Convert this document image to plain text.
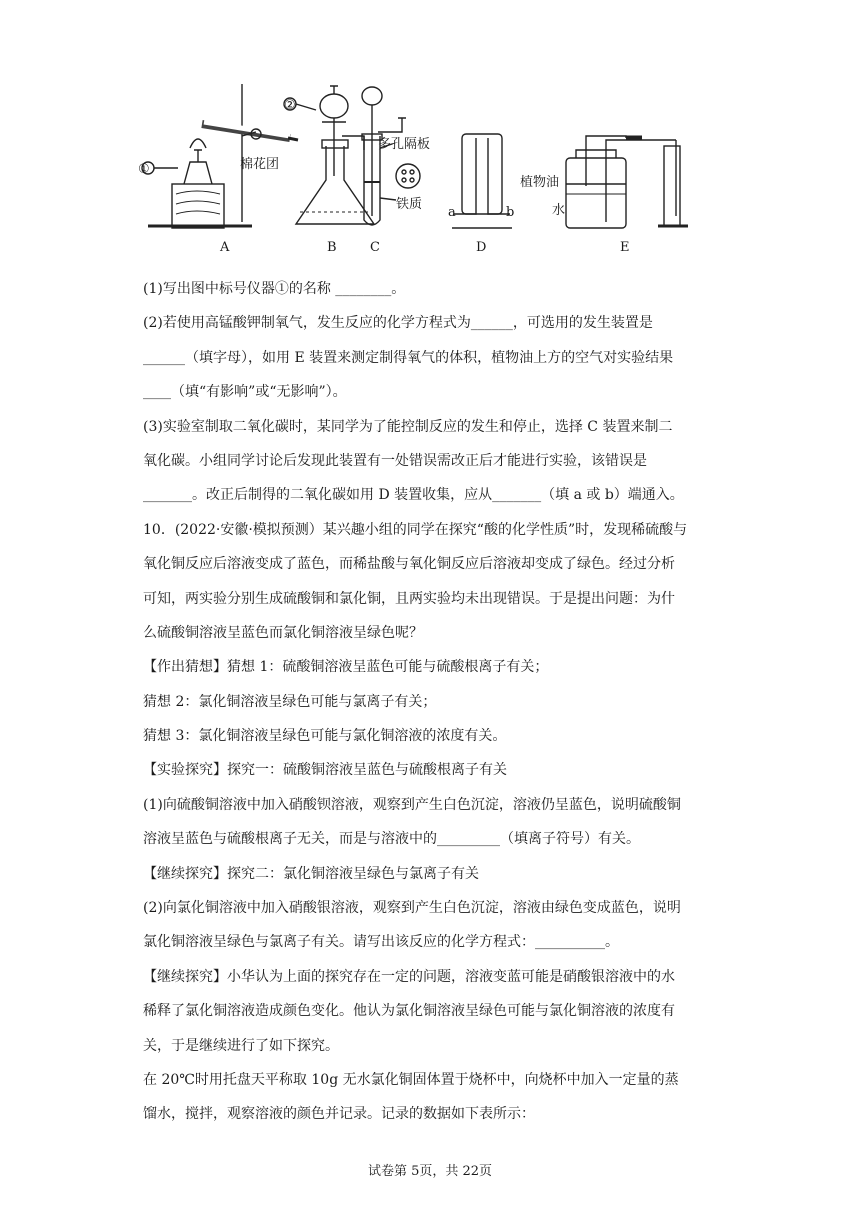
①
②
棉花团
多孔隔板
铁质
植物油
水
a	b
A	B	C	D	E
(1)写出图中标号仪器①的名称 ________。
(2)若使用高锰酸钾制氧气，发生反应的化学方程式为______，可选用的发生装置是
______（填字母），如用 E 装置来测定制得氧气的体积，植物油上方的空气对实验结果
____（填“有影响”或“无影响”）。
(3)实验室制取二氧化碳时，某同学为了能控制反应的发生和停止，选择 C 装置来制二
氧化碳。小组同学讨论后发现此装置有一处错误需改正后才能进行实验，该错误是
_______。改正后制得的二氧化碳如用 D 装置收集，应从_______（填 a 或 b）端通入。
10．(2022·安徽·模拟预测）某兴趣小组的同学在探究“酸的化学性质”时，发现稀硫酸与
氧化铜反应后溶液变成了蓝色，而稀盐酸与氧化铜反应后溶液却变成了绿色。经过分析
可知，两实验分别生成硫酸铜和氯化铜，且两实验均未出现错误。于是提出问题：为什
么硫酸铜溶液呈蓝色而氯化铜溶液呈绿色呢？
【作出猜想】猜想 1：硫酸铜溶液呈蓝色可能与硫酸根离子有关；
猜想 2：氯化铜溶液呈绿色可能与氯离子有关；
猜想 3：氯化铜溶液呈绿色可能与氯化铜溶液的浓度有关。
【实验探究】探究一：硫酸铜溶液呈蓝色与硫酸根离子有关
(1)向硫酸铜溶液中加入硝酸钡溶液，观察到产生白色沉淀，溶液仍呈蓝色，说明硫酸铜
溶液呈蓝色与硫酸根离子无关，而是与溶液中的_________（填离子符号）有关。
【继续探究】探究二：氯化铜溶液呈绿色与氯离子有关
(2)向氯化铜溶液中加入硝酸银溶液，观察到产生白色沉淀，溶液由绿色变成蓝色，说明
氯化铜溶液呈绿色与氯离子有关。请写出该反应的化学方程式：__________。
【继续探究】小华认为上面的探究存在一定的问题，溶液变蓝可能是硝酸银溶液中的水
稀释了氯化铜溶液造成颜色变化。他认为氯化铜溶液呈绿色可能与氯化铜溶液的浓度有
关，于是继续进行了如下探究。
在 20℃时用托盘天平称取 10g 无水氯化铜固体置于烧杯中，向烧杯中加入一定量的蒸
馏水，搅拌，观察溶液的颜色并记录。记录的数据如下表所示：
试卷第 5页，共 22页
